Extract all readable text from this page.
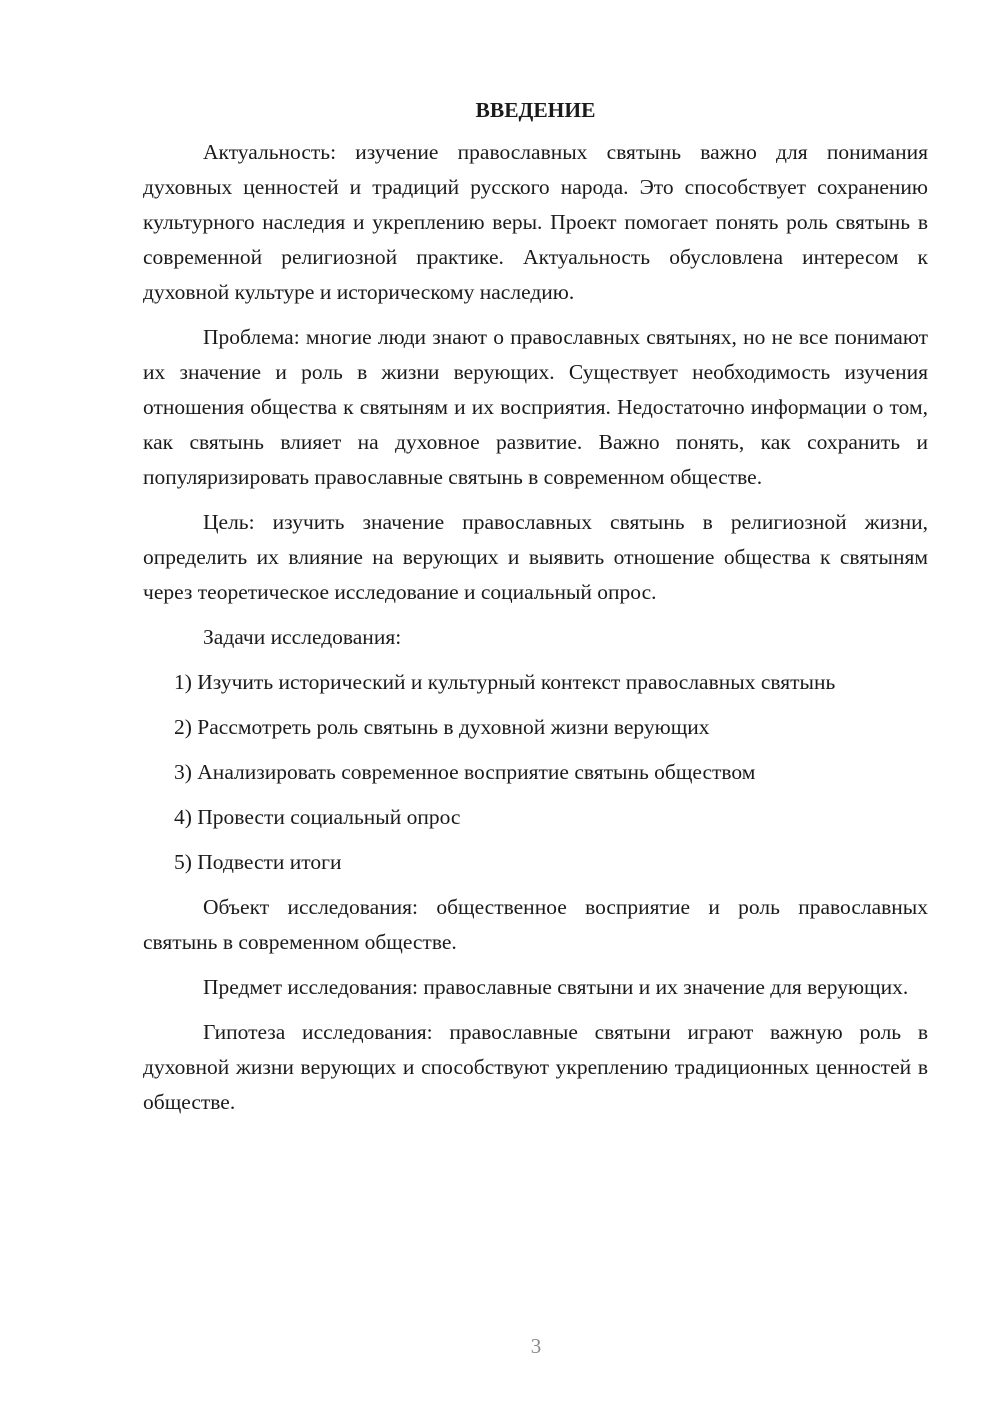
ВВЕДЕНИЕ

Актуальность: изучение православных святынь важно для понимания духовных ценностей и традиций русского народа. Это способствует сохранению культурного наследия и укреплению веры. Проект помогает понять роль святынь в современной религиозной практике. Актуальность обусловлена интересом к духовной культуре и историческому наследию.

Проблема: многие люди знают о православных святынях, но не все понимают их значение и роль в жизни верующих. Существует необходимость изучения отношения общества к святыням и их восприятия. Недостаточно информации о том, как святынь влияет на духовное развитие. Важно понять, как сохранить и популяризировать православные святынь в современном обществе.

Цель: изучить значение православных святынь в религиозной жизни, определить их влияние на верующих и выявить отношение общества к святыням через теоретическое исследование и социальный опрос.

Задачи исследования:

1) Изучить исторический и культурный контекст православных святынь

2) Рассмотреть роль святынь в духовной жизни верующих

3) Анализировать современное восприятие святынь обществом

4) Провести социальный опрос

5) Подвести итоги

Объект исследования: общественное восприятие и роль православных святынь в современном обществе.

Предмет исследования: православные святыни и их значение для верующих.

Гипотеза исследования: православные святыни играют важную роль в духовной жизни верующих и способствуют укреплению традиционных ценностей в обществе.

3
